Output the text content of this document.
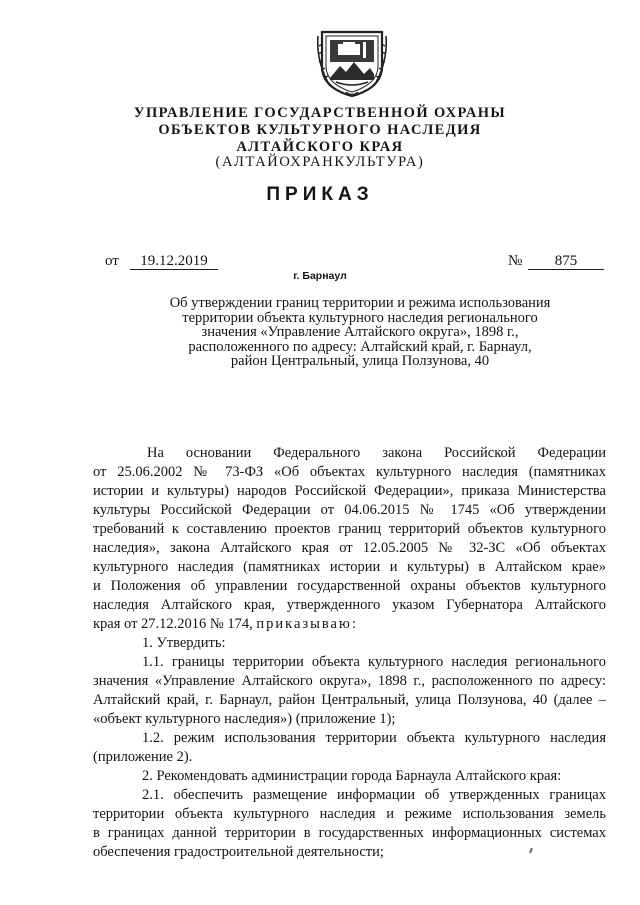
УПРАВЛЕНИЕ ГОСУДАРСТВЕННОЙ ОХРАНЫ
ОБЪЕКТОВ КУЛЬТУРНОГО НАСЛЕДИЯ
АЛТАЙСКОГО КРАЯ
(АЛТАЙОХРАНКУЛЬТУРА)
ПРИКАЗ
от	19.12.2019	№	875
г. Барнаул
Об утверждении границ территории и режима использования
территории объекта культурного наследия регионального
значения «Управление Алтайского округа», 1898 г.,
расположенного по адресу: Алтайский край, г. Барнаул,
район Центральный, улица Ползунова, 40
На основании Федерального закона Российской Федерации
от 25.06.2002 № 73-ФЗ «Об объектах культурного наследия (памятниках
истории и культуры) народов Российской Федерации», приказа Министерства
культуры Российской Федерации от 04.06.2015 № 1745 «Об утверждении
требований к составлению проектов границ территорий объектов культурного
наследия», закона Алтайского края от 12.05.2005 № 32-ЗС «Об объектах
культурного наследия (памятниках истории и культуры) в Алтайском крае»
и Положения об управлении государственной охраны объектов культурного
наследия Алтайского края, утвержденного указом Губернатора Алтайского
края от 27.12.2016 № 174, приказываю:
1. Утвердить:
1.1. границы территории объекта культурного наследия регионального
значения «Управление Алтайского округа», 1898 г., расположенного по адресу:
Алтайский край, г. Барнаул, район Центральный, улица Ползунова, 40 (далее –
«объект культурного наследия») (приложение 1);
1.2. режим использования территории объекта культурного наследия
(приложение 2).
2. Рекомендовать администрации города Барнаула Алтайского края:
2.1. обеспечить размещение информации об утвержденных границах
территории объекта культурного наследия и режиме использования земель
в границах данной территории в государственных информационных системах
обеспечения градостроительной деятельности;
